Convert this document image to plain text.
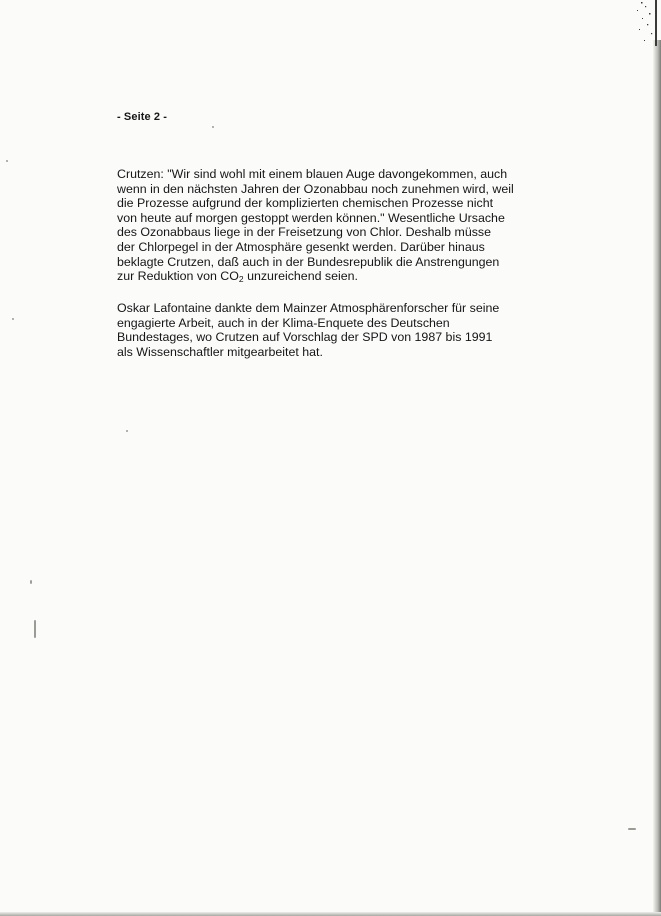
- Seite 2 -

Crutzen: "Wir sind wohl mit einem blauen Auge davongekommen, auch
wenn in den nächsten Jahren der Ozonabbau noch zunehmen wird, weil
die Prozesse aufgrund der komplizierten chemischen Prozesse nicht
von heute auf morgen gestoppt werden können." Wesentliche Ursache
des Ozonabbaus liege in der Freisetzung von Chlor. Deshalb müsse
der Chlorpegel in der Atmosphäre gesenkt werden. Darüber hinaus
beklagte Crutzen, daß auch in der Bundesrepublik die Anstrengungen
zur Reduktion von $CO_2$ unzureichend seien.

Oskar Lafontaine dankte dem Mainzer Atmosphärenforscher für seine
engagierte Arbeit, auch in der Klima-Enquete des Deutschen
Bundestages, wo Crutzen auf Vorschlag der SPD von 1987 bis 1991
als Wissenschaftler mitgearbeitet hat.
